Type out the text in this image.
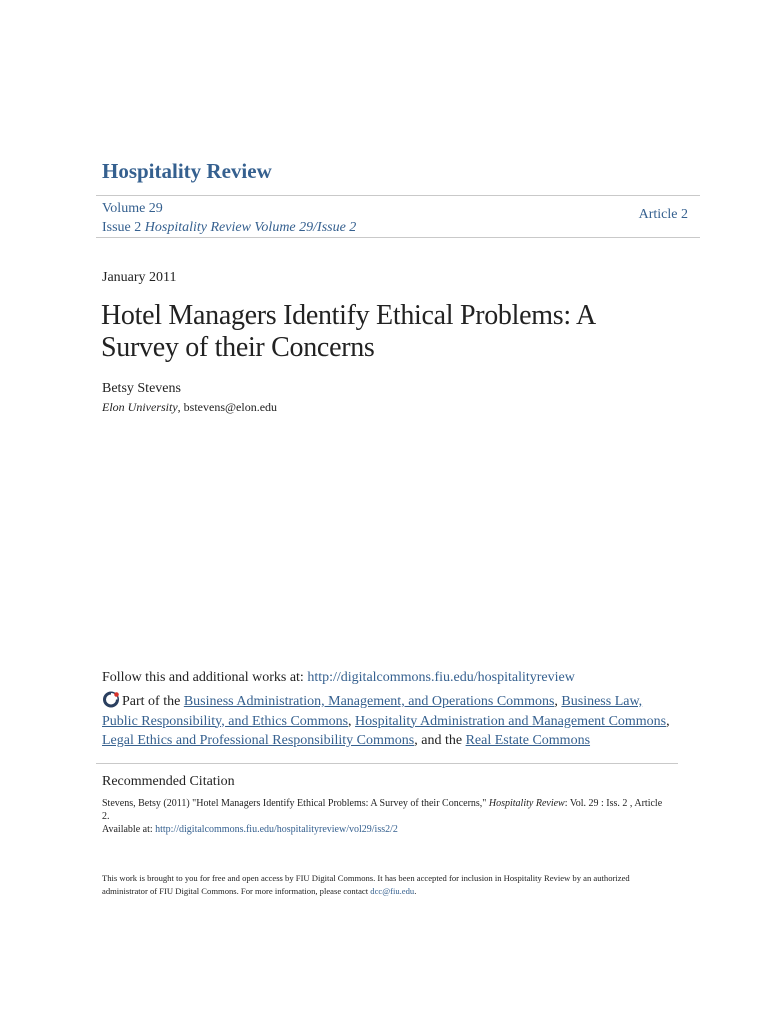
Hospitality Review
Volume 29
Issue 2 Hospitality Review Volume 29/Issue 2
Article 2
January 2011
Hotel Managers Identify Ethical Problems: A Survey of their Concerns
Betsy Stevens
Elon University, bstevens@elon.edu
Follow this and additional works at: http://digitalcommons.fiu.edu/hospitalityreview
Part of the Business Administration, Management, and Operations Commons, Business Law, Public Responsibility, and Ethics Commons, Hospitality Administration and Management Commons, Legal Ethics and Professional Responsibility Commons, and the Real Estate Commons
Recommended Citation
Stevens, Betsy (2011) "Hotel Managers Identify Ethical Problems: A Survey of their Concerns," Hospitality Review: Vol. 29 : Iss. 2 , Article 2.
Available at: http://digitalcommons.fiu.edu/hospitalityreview/vol29/iss2/2
This work is brought to you for free and open access by FIU Digital Commons. It has been accepted for inclusion in Hospitality Review by an authorized administrator of FIU Digital Commons. For more information, please contact dcc@fiu.edu.
